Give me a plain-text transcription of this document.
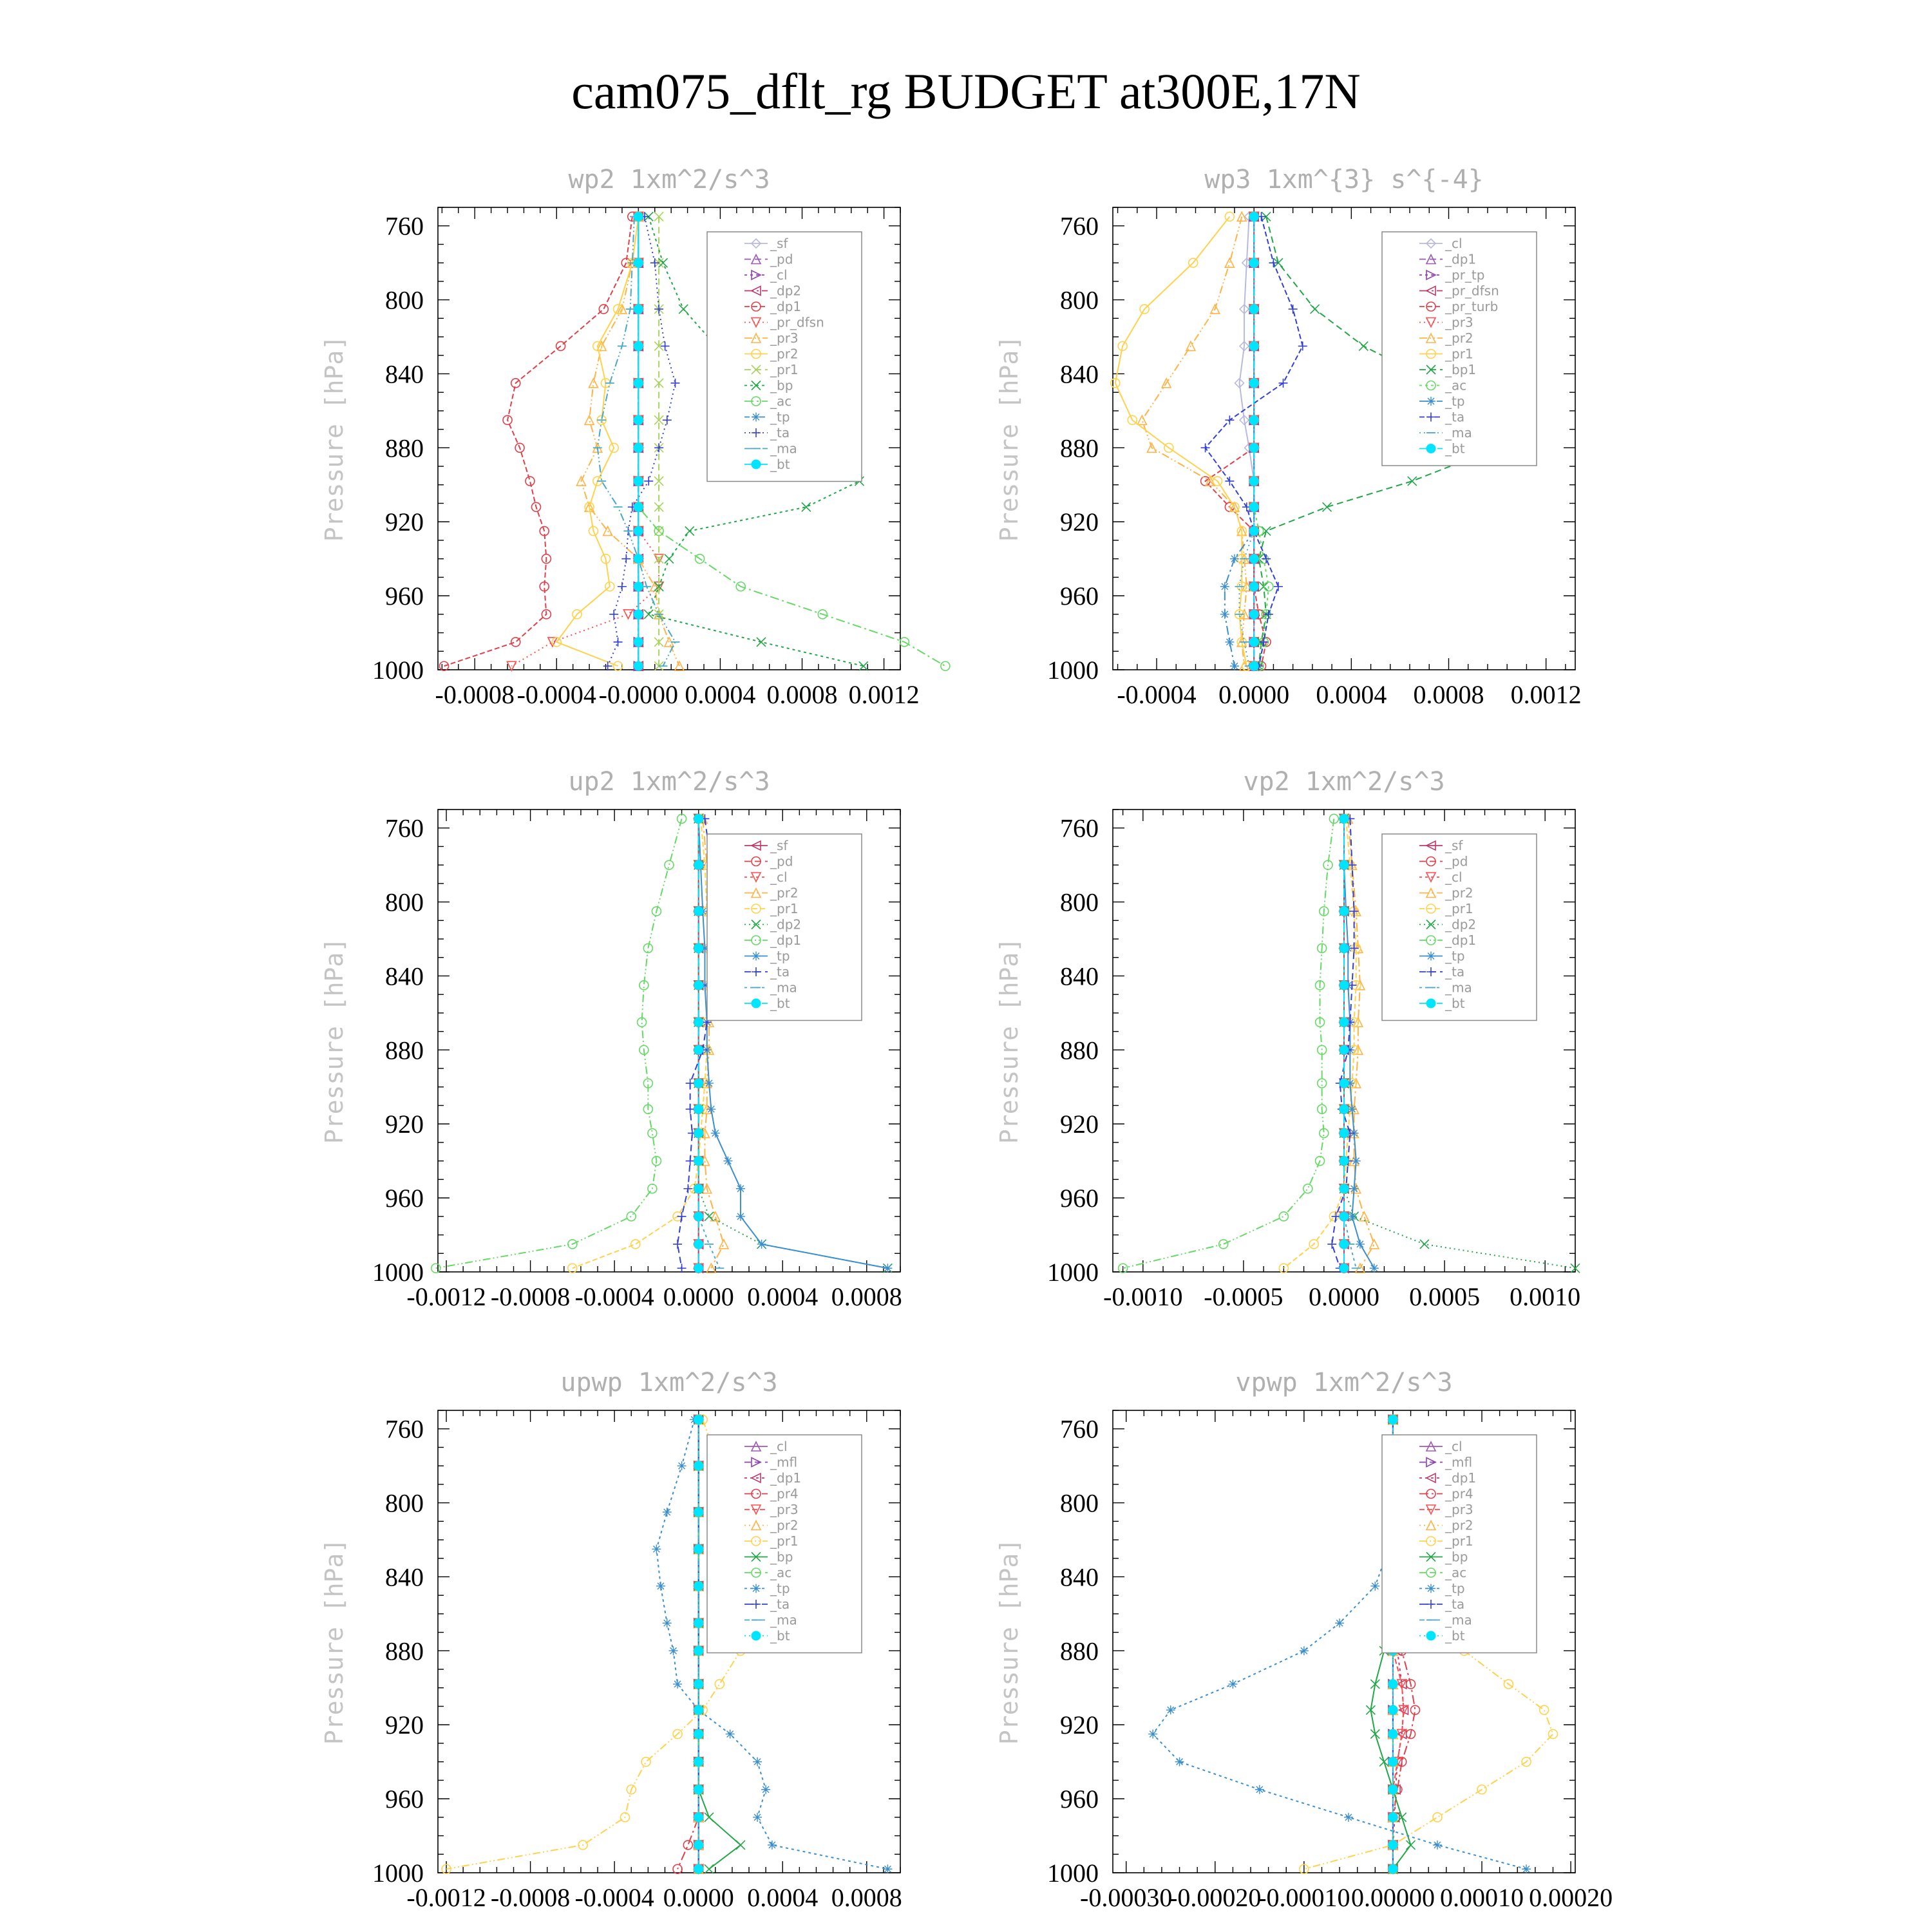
cam075_dflt_rg BUDGET at300E,17N
wp2 1xm^2/s^3
Pressure [hPa]
760
800
840
880
920
960
1000
-0.0008 -0.0004 -0.0000 0.0004 0.0008 0.0012
_sf
_pd
_cl
_dp2
_dp1
_pr_dfsn
_pr3
_pr2
_pr1
_bp
_ac
_tp
_ta
_ma
_bt
wp3 1xm^{3} s^{-4}
Pressure [hPa]
760
800
840
880
920
960
1000
-0.0004 0.0000 0.0004 0.0008 0.0012
_cl
_dp1
_pr_tp
_pr_dfsn
_pr_turb
_pr3
_pr2
_pr1
_bp1
_ac
_tp
_ta
_ma
_bt
up2 1xm^2/s^3
Pressure [hPa]
760
800
840
880
920
960
1000
-0.0012 -0.0008 -0.0004 0.0000 0.0004 0.0008
_sf
_pd
_cl
_pr2
_pr1
_dp2
_dp1
_tp
_ta
_ma
_bt
vp2 1xm^2/s^3
Pressure [hPa]
760
800
840
880
920
960
1000
-0.0010 -0.0005 0.0000 0.0005 0.0010
_sf
_pd
_cl
_pr2
_pr1
_dp2
_dp1
_tp
_ta
_ma
_bt
upwp 1xm^2/s^3
Pressure [hPa]
760
800
840
880
920
960
1000
-0.0012 -0.0008 -0.0004 0.0000 0.0004 0.0008
_cl
_mfl
_dp1
_pr4
_pr3
_pr2
_pr1
_bp
_ac
_tp
_ta
_ma
_bt
vpwp 1xm^2/s^3
Pressure [hPa]
760
800
840
880
920
960
1000
-0.00030
-0.00020
-0.00010 0.00000 0.00010 0.00020
_cl
_mfl
_dp1
_pr4
_pr3
_pr2
_pr1
_bp
_ac
_tp
_ta
_ma
_bt
